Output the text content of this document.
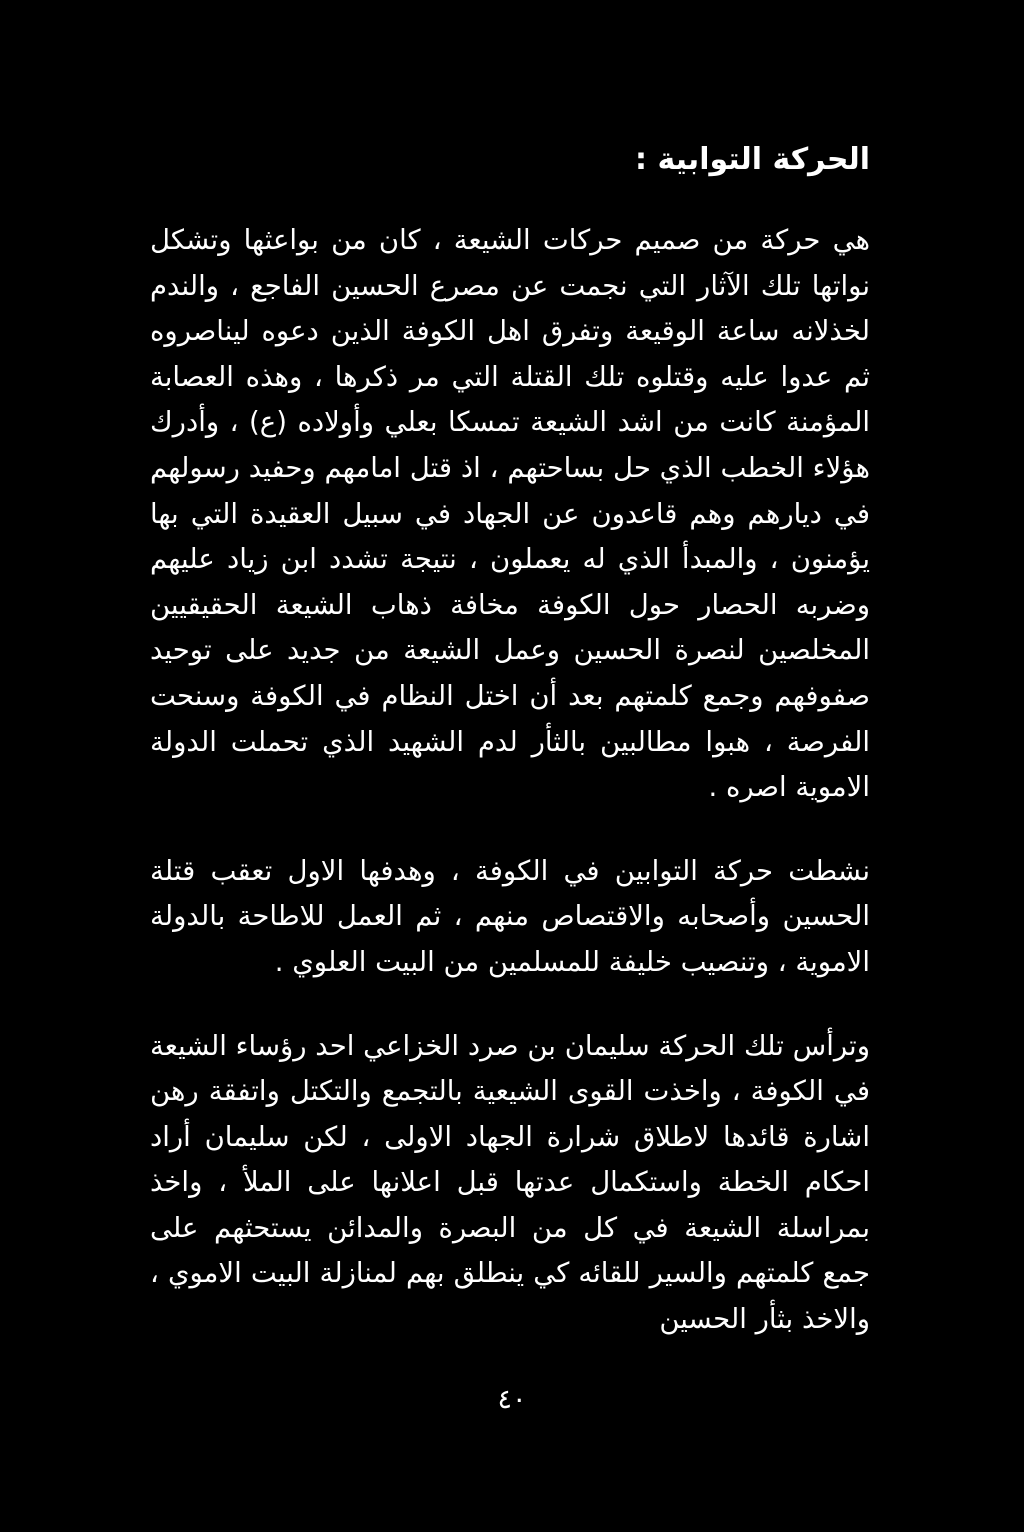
الحركة التوابية :

هي حركة من صميم حركات الشيعة ، كان من بواعثها وتشكل نواتها تلك الآثار التي نجمت عن مصرع الحسين الفاجع ، والندم لخذلانه ساعة الوقيعة وتفرق اهل الكوفة الذين دعوه ليناصروه ثم عدوا عليه وقتلوه تلك القتلة التي مر ذكرها ، وهذه العصابة المؤمنة كانت من اشد الشيعة تمسكا بعلي وأولاده (ع) ، وأدرك هؤلاء الخطب الذي حل بساحتهم ، اذ قتل امامهم وحفيد رسولهم في ديارهم وهم قاعدون عن الجهاد في سبيل العقيدة التي بها يؤمنون ، والمبدأ الذي له يعملون ، نتيجة تشدد ابن زياد عليهم وضربه الحصار حول الكوفة مخافة ذهاب الشيعة الحقيقيين المخلصين لنصرة الحسين وعمل الشيعة من جديد على توحيد صفوفهم وجمع كلمتهم بعد أن اختل النظام في الكوفة وسنحت الفرصة ، هبوا مطالبين بالثأر لدم الشهيد الذي تحملت الدولة الاموية اصره .

نشطت حركة التوابين في الكوفة ، وهدفها الاول تعقب قتلة الحسين وأصحابه والاقتصاص منهم ، ثم العمل للاطاحة بالدولة الاموية ، وتنصيب خليفة للمسلمين من البيت العلوي .

وترأس تلك الحركة سليمان بن صرد الخزاعي احد رؤساء الشيعة في الكوفة ، واخذت القوى الشيعية بالتجمع والتكتل واتفقة رهن اشارة قائدها لاطلاق شرارة الجهاد الاولى ، لكن سليمان أراد احكام الخطة واستكمال عدتها قبل اعلانها على الملأ ، واخذ بمراسلة الشيعة في كل من البصرة والمدائن يستحثهم على جمع كلمتهم والسير للقائه كي ينطلق بهم لمنازلة البيت الاموي ، والاخذ بثأر الحسين

٤٠
